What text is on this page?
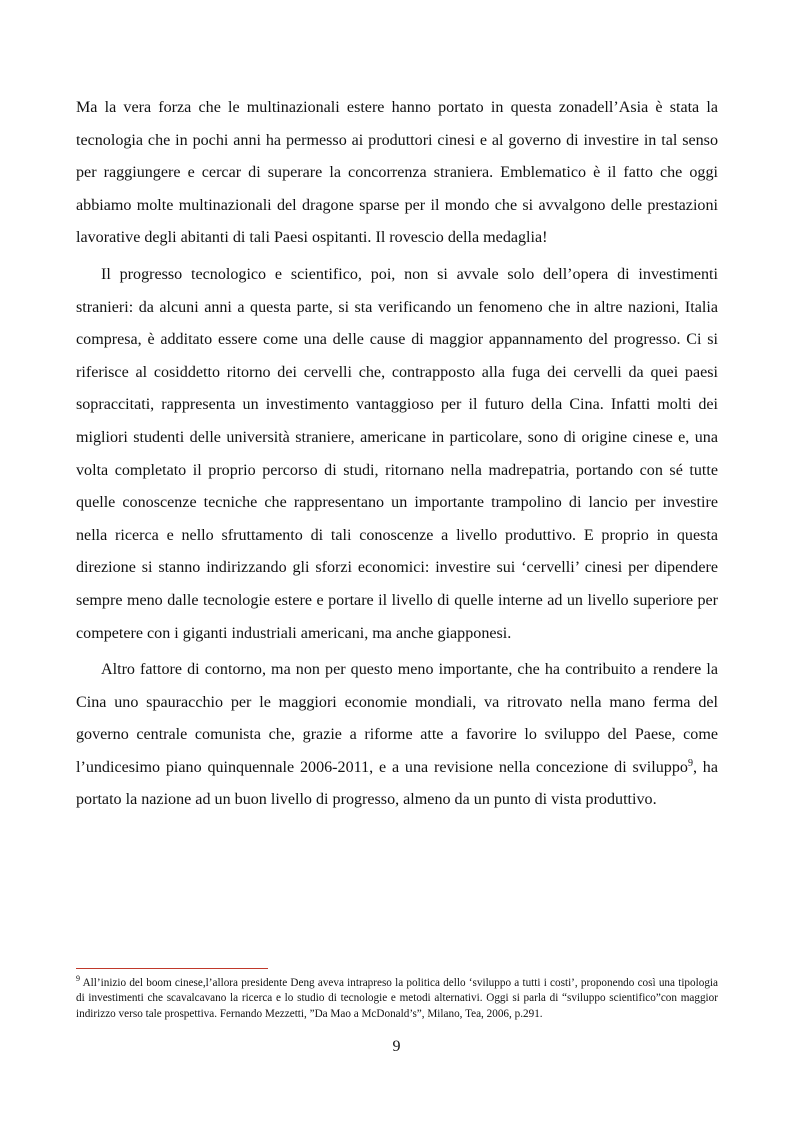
Ma la vera forza che le multinazionali estere hanno portato in questa zonadell’Asia è stata la tecnologia che in pochi anni ha permesso ai produttori cinesi e al governo di investire in tal senso per raggiungere e cercar di superare la concorrenza straniera. Emblematico è il fatto che oggi abbiamo molte multinazionali del dragone sparse per il mondo che si avvalgono delle prestazioni lavorative degli abitanti di tali Paesi ospitanti. Il rovescio della medaglia!

Il progresso tecnologico e scientifico, poi, non si avvale solo dell’opera di investimenti stranieri: da alcuni anni a questa parte, si sta verificando un fenomeno che in altre nazioni, Italia compresa, è additato essere come una delle cause di maggior appannamento del progresso. Ci si riferisce al cosiddetto ritorno dei cervelli che, contrapposto alla fuga dei cervelli da quei paesi sopraccitati, rappresenta un investimento vantaggioso per il futuro della Cina. Infatti molti dei migliori studenti delle università straniere, americane in particolare, sono di origine cinese e, una volta completato il proprio percorso di studi, ritornano nella madrepatria, portando con sé tutte quelle conoscenze tecniche che rappresentano un importante trampolino di lancio per investire nella ricerca e nello sfruttamento di tali conoscenze a livello produttivo. E proprio in questa direzione si stanno indirizzando gli sforzi economici: investire sui ‘cervelli’ cinesi per dipendere sempre meno dalle tecnologie estere e portare il livello di quelle interne ad un livello superiore per competere con i giganti industriali americani, ma anche giapponesi.

Altro fattore di contorno, ma non per questo meno importante, che ha contribuito a rendere la Cina uno spauracchio per le maggiori economie mondiali, va ritrovato nella mano ferma del governo centrale comunista che, grazie a riforme atte a favorire lo sviluppo del Paese, come l’undicesimo piano quinquennale 2006-2011, e a una revisione nella concezione di sviluppo$^9$, ha portato la nazione ad un buon livello di progresso, almeno da un punto di vista produttivo.

$^9$ All’inizio del boom cinese,l’allora presidente Deng aveva intrapreso la politica dello ‘sviluppo a tutti i costi’, proponendo così una tipologia di investimenti che scavalcavano la ricerca e lo studio di tecnologie e metodi alternativi. Oggi si parla di “sviluppo scientifico”con maggior indirizzo verso tale prospettiva. Fernando Mezzetti, ”Da Mao a McDonald’s”, Milano, Tea, 2006, p.291.
9
